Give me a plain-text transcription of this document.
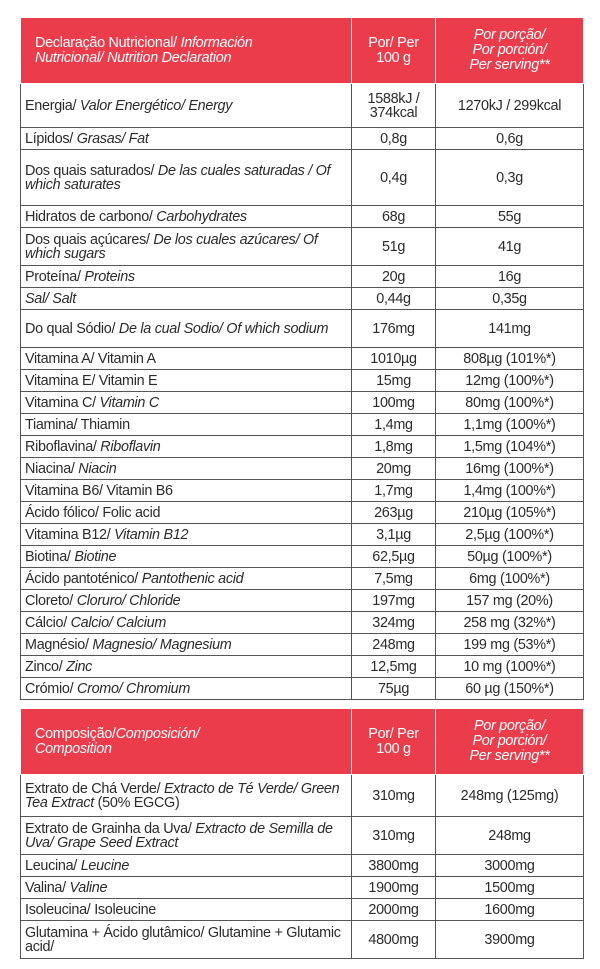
Declaração Nutricional/ Información
Nutricional/ Nutrition Declaration	Por/ Per 100 g	Por porção/
Por porción/
Per serving**
Energia/ Valor Energético/ Energy	1588kJ / 374kcal	1270kJ / 299kcal
Lípidos/ Grasas/ Fat	0,8g	0,6g
Dos quais saturados/ De las cuales saturadas / Of which saturates	0,4g	0,3g
Hidratos de carbono/ Carbohydrates	68g	55g
Dos quais açúcares/ De los cuales azúcares/ Of which sugars	51g	41g
Proteína/ Proteins	20g	16g
Sal/ Salt	0,44g	0,35g
Do qual Sódio/ De la cual Sodio/ Of which sodium	176mg	141mg
Vitamina A/ Vitamin A	1010µg	808µg (101%*)
Vitamina E/ Vitamin E	15mg	12mg (100%*)
Vitamina C/ Vitamin C	100mg	80mg (100%*)
Tiamina/ Thiamin	1,4mg	1,1mg (100%*)
Riboflavina/ Riboflavin	1,8mg	1,5mg (104%*)
Niacina/ Niacin	20mg	16mg (100%*)
Vitamina B6/ Vitamin B6	1,7mg	1,4mg (100%*)
Ácido fólico/ Folic acid	263µg	210µg (105%*)
Vitamina B12/ Vitamin B12	3,1µg	2,5µg (100%*)
Biotina/ Biotine	62,5µg	50µg (100%*)
Ácido pantoténico/ Pantothenic acid	7,5mg	6mg (100%*)
Cloreto/ Cloruro/ Chloride	197mg	157 mg (20%)
Cálcio/ Calcio/ Calcium	324mg	258 mg (32%*)
Magnésio/ Magnesio/ Magnesium	248mg	199 mg (53%*)
Zinco/ Zinc	12,5mg	10 mg (100%*)
Crómio/ Cromo/ Chromium	75µg	60 µg (150%*)

Composição/Composición/
Composition	Por/ Per 100 g	Por porção/
Por porción/
Per serving**
Extrato de Chá Verde/ Extracto de Té Verde/ Green Tea Extract (50% EGCG)	310mg	248mg (125mg)
Extrato de Grainha da Uva/ Extracto de Semilla de Uva/ Grape Seed Extract	310mg	248mg
Leucina/ Leucine	3800mg	3000mg
Valina/ Valine	1900mg	1500mg
Isoleucina/ Isoleucine	2000mg	1600mg
Glutamina + Ácido glutâmico/ Glutamine + Glutamic acid/	4800mg	3900mg
